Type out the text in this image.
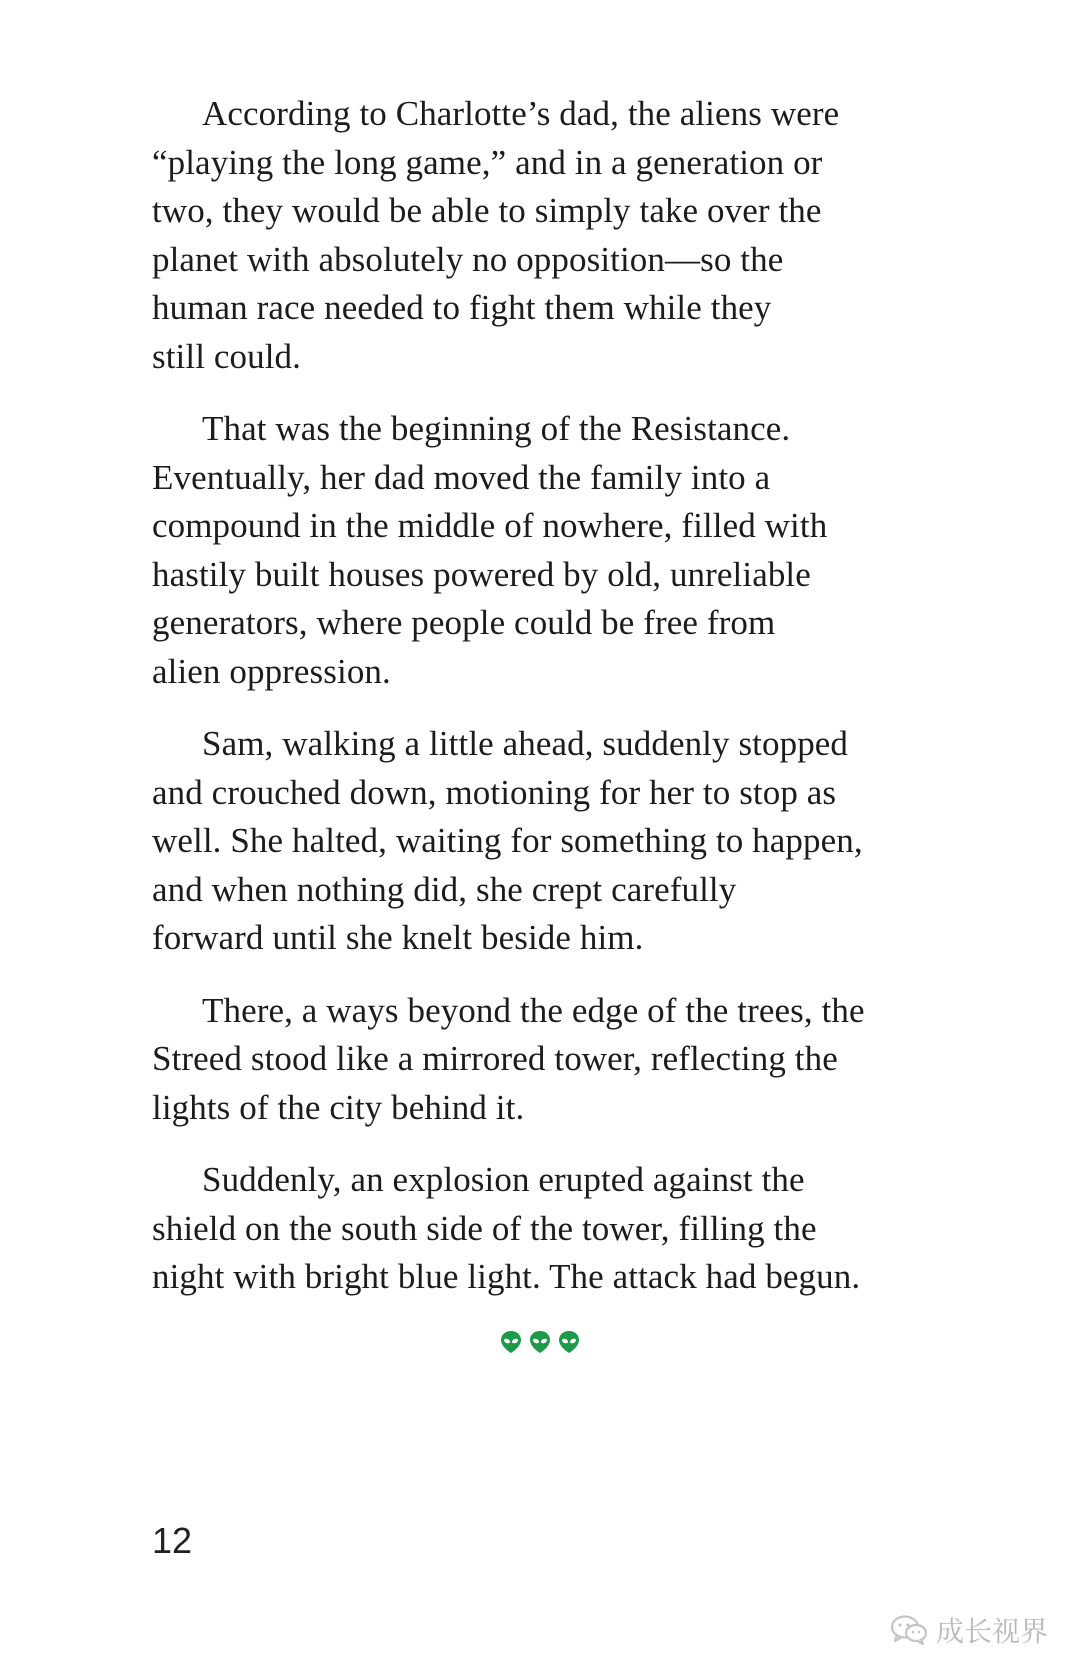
According to Charlotte’s dad, the aliens were
“playing the long game,” and in a generation or
two, they would be able to simply take over the
planet with absolutely no opposition—so the
human race needed to fight them while they
still could.

That was the beginning of the Resistance.
Eventually, her dad moved the family into a
compound in the middle of nowhere, filled with
hastily built houses powered by old, unreliable
generators, where people could be free from
alien oppression.

Sam, walking a little ahead, suddenly stopped
and crouched down, motioning for her to stop as
well. She halted, waiting for something to happen,
and when nothing did, she crept carefully
forward until she knelt beside him.

There, a ways beyond the edge of the trees, the
Streed stood like a mirrored tower, reflecting the
lights of the city behind it.

Suddenly, an explosion erupted against the
shield on the south side of the tower, filling the
night with bright blue light. The attack had begun.

12
成长视界
